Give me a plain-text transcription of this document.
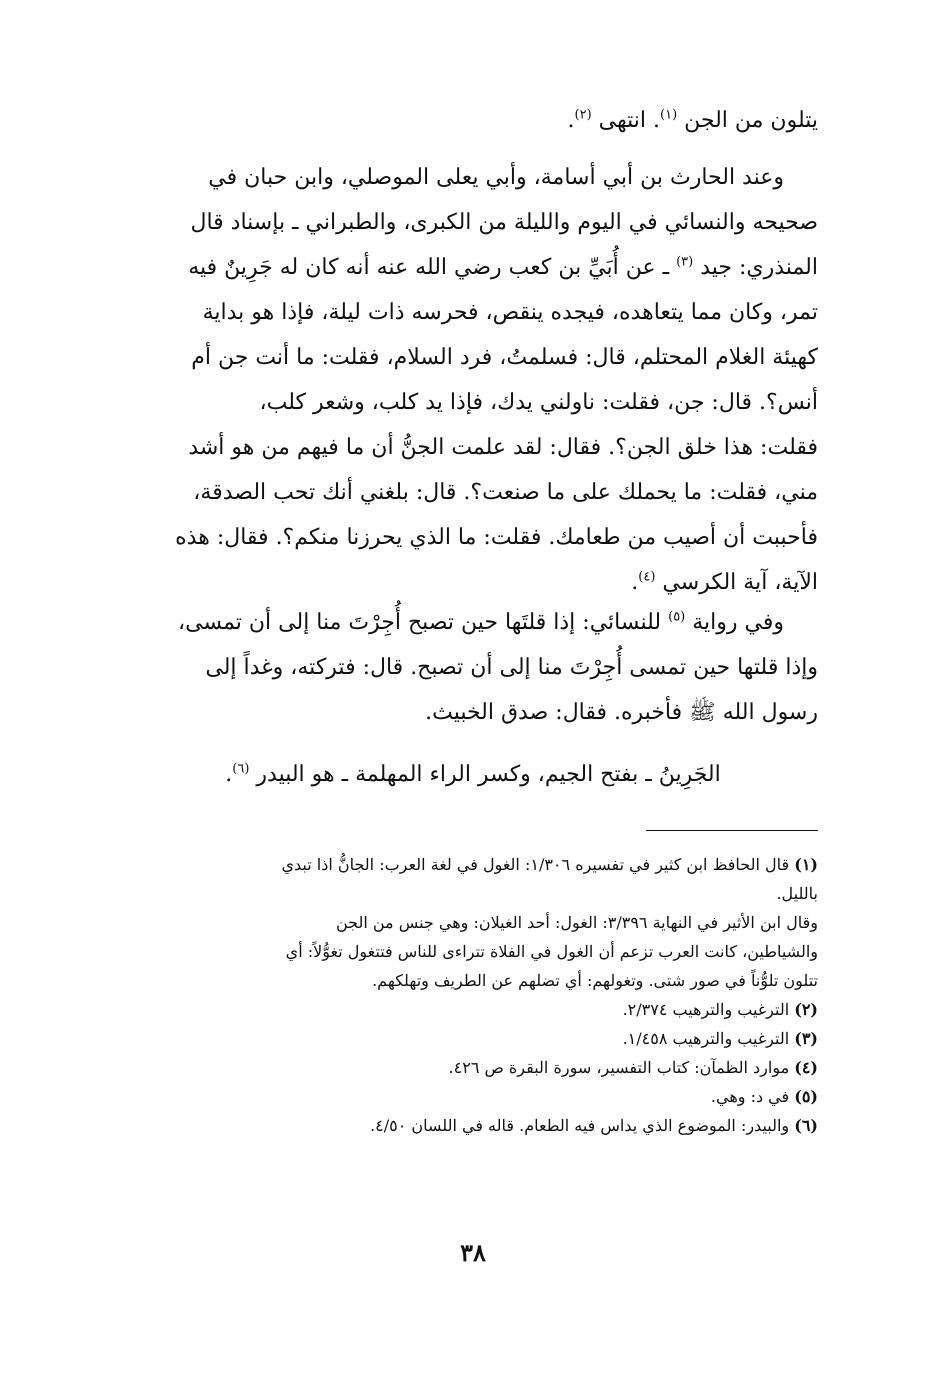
يتلون من الجن $^{(١)}$. انتهى $^{(٢)}$.
وعند الحارث بن أبي أسامة، وأبي يعلى الموصلي، وابن حبان في
صحيحه والنسائي في اليوم والليلة من الكبرى، والطبراني ـ بإسناد قال
المنذري: جيد $^{(٣)}$ ـ عن أُبَيِّ بن كعب رضي الله عنه أنه كان له جَرِينٌ فيه
تمر، وكان مما يتعاهده، فيجده ينقص، فحرسه ذات ليلة، فإذا هو بداية
كهيئة الغلام المحتلم، قال: فسلمتُ، فرد السلام، فقلت: ما أنت جن أم
أنس؟. قال: جن، فقلت: ناولني يدك، فإذا يد كلب، وشعر كلب،
فقلت: هذا خلق الجن؟. فقال: لقد علمت الجنُّ أن ما فيهم من هو أشد
مني، فقلت: ما يحملك على ما صنعت؟. قال: بلغني أنك تحب الصدقة،
فأحببت أن أصيب من طعامك. فقلت: ما الذي يحرزنا منكم؟. فقال: هذه
الآية، آية الكرسي $^{(٤)}$.
وفي رواية $^{(٥)}$ للنسائي: إذا قلتَها حين تصبح أُجِرْتَ منا إلى أن تمسى،
وإذا قلتها حين تمسى أُجِرْتَ منا إلى أن تصبح. قال: فتركته، وغداً إلى
رسول الله ﷺ فأخبره. فقال: صدق الخبيث.
الجَرِينُ ـ بفتح الجيم، وكسر الراء المهلمة ـ هو البيدر $^{(٦)}$.
(١) قال الحافظ ابن كثير في تفسيره ١/٣٠٦: الغول في لغة العرب: الجانُّ اذا تبدي
بالليل.
وقال ابن الأثير في النهاية ٣/٣٩٦: الغول: أحد الغيلان: وهي جنس من الجن
والشياطين، كانت العرب تزعم أن الغول في الفلاة تتراءى للناس فتتغول تغوُّلاً: أي
تتلون تلوُّناً في صور شتى. وتغولهم: أي تضلهم عن الطريف وتهلكهم.
(٢) الترغيب والترهيب ٢/٣٧٤.
(٣) الترغيب والترهيب ١/٤٥٨.
(٤) موارد الظمآن: كتاب التفسير، سورة البقرة ص ٤٢٦.
(٥) في د: وهي.
(٦) والبيدر: الموضوع الذي يداس فيه الطعام. قاله في اللسان ٤/٥٠.
٣٨
